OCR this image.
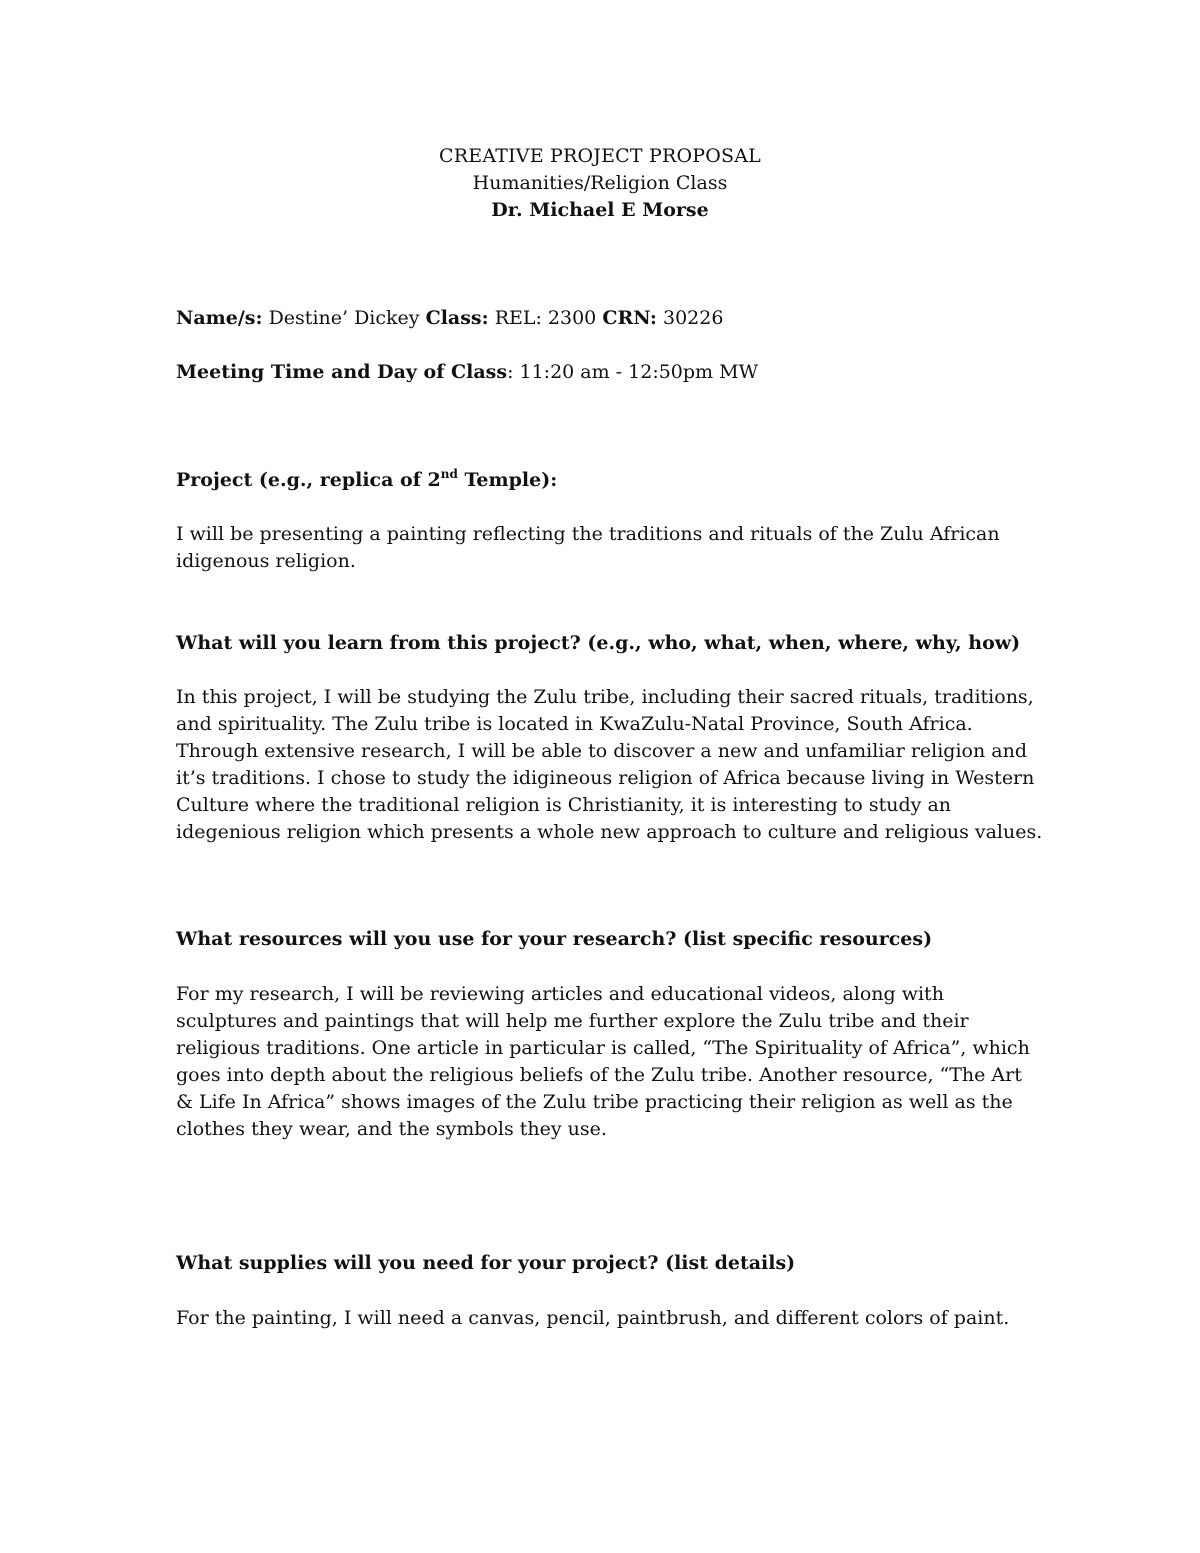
CREATIVE PROJECT PROPOSAL
Humanities/Religion Class
Dr. Michael E Morse
Name/s: Destine’ Dickey Class: REL: 2300 CRN: 30226
Meeting Time and Day of Class: 11:20 am - 12:50pm MW
Project (e.g., replica of 2nd Temple):
I will be presenting a painting reflecting the traditions and rituals of the Zulu African
idigenous religion.
What will you learn from this project? (e.g., who, what, when, where, why, how)
In this project, I will be studying the Zulu tribe, including their sacred rituals, traditions,
and spirituality. The Zulu tribe is located in KwaZulu-Natal Province, South Africa.
Through extensive research, I will be able to discover a new and unfamiliar religion and
it’s traditions. I chose to study the idigineous religion of Africa because living in Western
Culture where the traditional religion is Christianity, it is interesting to study an
idegenious religion which presents a whole new approach to culture and religious values.
What resources will you use for your research? (list specific resources)
For my research, I will be reviewing articles and educational videos, along with
sculptures and paintings that will help me further explore the Zulu tribe and their
religious traditions. One article in particular is called, “The Spirituality of Africa”, which
goes into depth about the religious beliefs of the Zulu tribe. Another resource, “The Art
& Life In Africa” shows images of the Zulu tribe practicing their religion as well as the
clothes they wear, and the symbols they use.
What supplies will you need for your project? (list details)
For the painting, I will need a canvas, pencil, paintbrush, and different colors of paint.
